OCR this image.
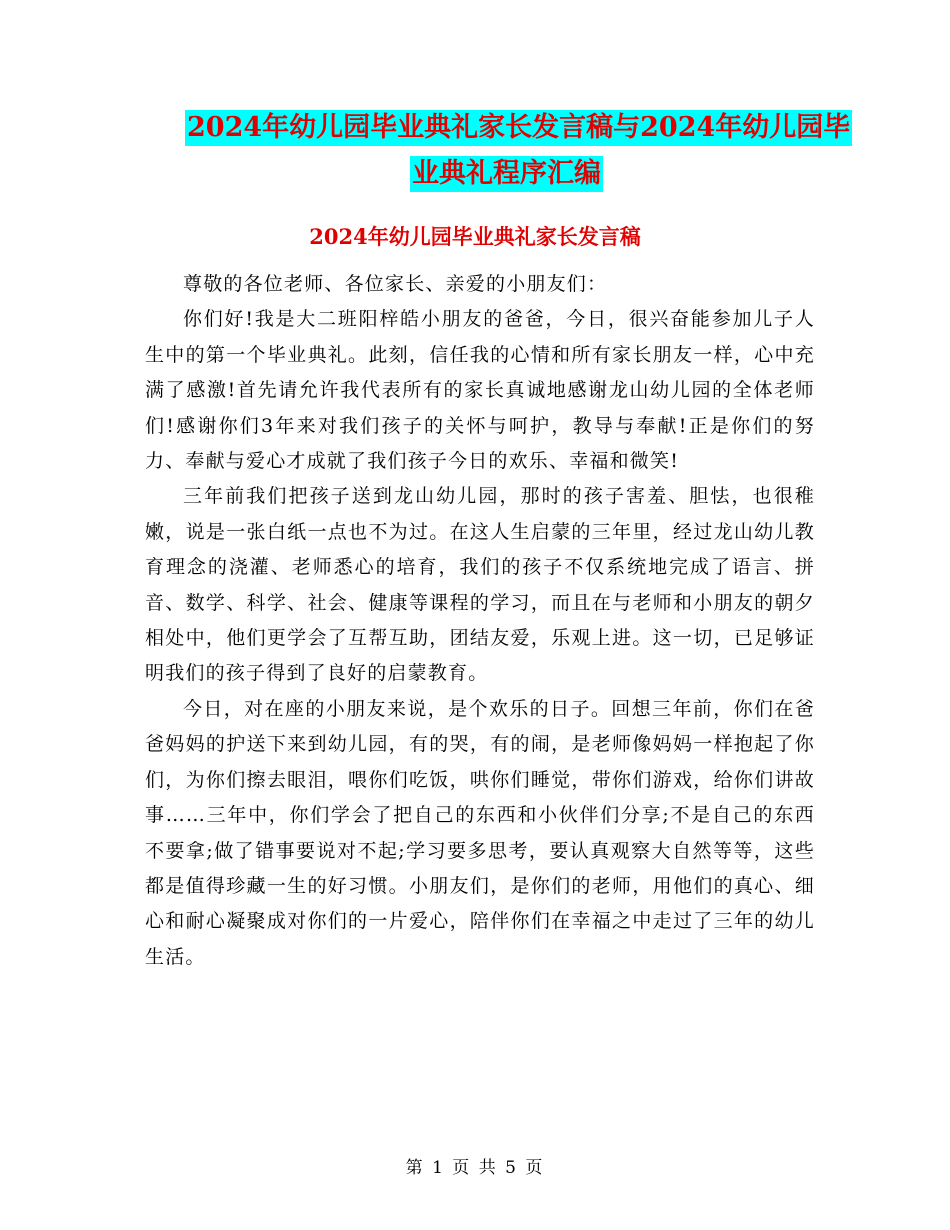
2024年幼儿园毕业典礼家长发言稿与2024年幼儿园毕
业典礼程序汇编
2024年幼儿园毕业典礼家长发言稿

尊敬的各位老师、各位家长、亲爱的小朋友们：

你们好!我是大二班阳梓皓小朋友的爸爸，今日，很兴奋能参加儿子人生中的第一个毕业典礼。此刻，信任我的心情和所有家长朋友一样，心中充满了感激!首先请允许我代表所有的家长真诚地感谢龙山幼儿园的全体老师们!感谢你们3年来对我们孩子的关怀与呵护，教导与奉献!正是你们的努力、奉献与爱心才成就了我们孩子今日的欢乐、幸福和微笑!

三年前我们把孩子送到龙山幼儿园，那时的孩子害羞、胆怯，也很稚嫩，说是一张白纸一点也不为过。在这人生启蒙的三年里，经过龙山幼儿教育理念的浇灌、老师悉心的培育，我们的孩子不仅系统地完成了语言、拼音、数学、科学、社会、健康等课程的学习，而且在与老师和小朋友的朝夕相处中，他们更学会了互帮互助，团结友爱，乐观上进。这一切，已足够证明我们的孩子得到了良好的启蒙教育。

今日，对在座的小朋友来说，是个欢乐的日子。回想三年前，你们在爸爸妈妈的护送下来到幼儿园，有的哭，有的闹，是老师像妈妈一样抱起了你们，为你们擦去眼泪，喂你们吃饭，哄你们睡觉，带你们游戏，给你们讲故事……三年中，你们学会了把自己的东西和小伙伴们分享;不是自己的东西不要拿;做了错事要说对不起;学习要多思考，要认真观察大自然等等，这些都是值得珍藏一生的好习惯。小朋友们，是你们的老师，用他们的真心、细心和耐心凝聚成对你们的一片爱心，陪伴你们在幸福之中走过了三年的幼儿生活。

第 1 页 共 5 页
